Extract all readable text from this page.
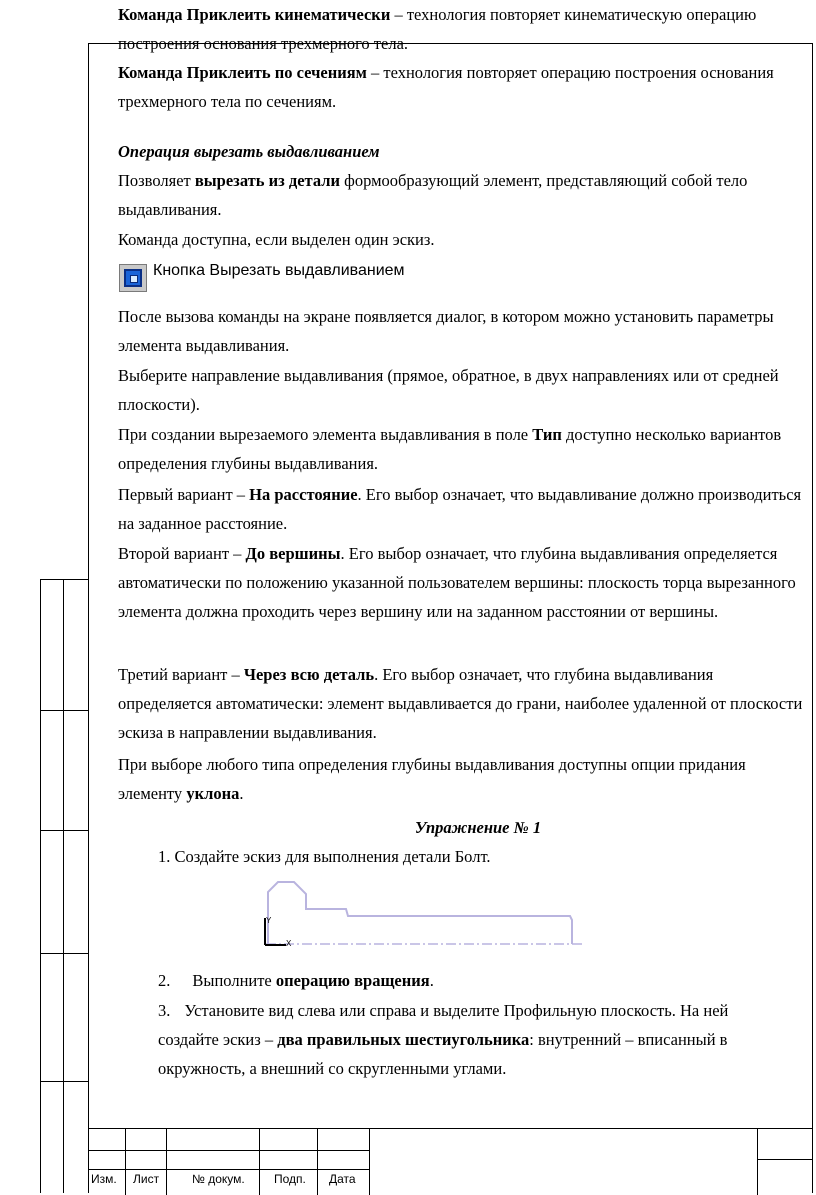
Команда Приклеить кинематически – технология повторяет кинематическую операцию построения основания трехмерного тела.

Команда Приклеить по сечениям – технология повторяет операцию построения основания трехмерного тела по сечениям.

Операция вырезать выдавливанием

Позволяет вырезать из детали формообразующий элемент, представляющий собой тело выдавливания.

Команда доступна, если выделен один эскиз.

Кнопка Вырезать выдавливанием

После вызова команды на экране появляется диалог, в котором можно установить параметры элемента выдавливания.

Выберите направление выдавливания (прямое, обратное, в двух направлениях или от средней плоскости).

При создании вырезаемого элемента выдавливания в поле Тип доступно несколько вариантов определения глубины выдавливания.

Первый вариант – На расстояние. Его выбор означает, что выдавливание должно производиться на заданное расстояние.

Второй вариант – До вершины. Его выбор означает, что глубина выдавливания определяется автоматически по положению указанной пользователем вершины: плоскость торца вырезанного элемента должна проходить через вершину или на заданном расстоянии от вершины.

Третий вариант – Через всю деталь. Его выбор означает, что глубина выдавливания определяется автоматически: элемент выдавливается до грани, наиболее удаленной от плоскости эскиза в направлении выдавливания.

При выборе любого типа определения глубины выдавливания доступны опции придания элементу уклона.

Упражнение № 1

1. Создайте эскиз для выполнения детали Болт.

Y
X

2. Выполните операцию вращения.

3. Установите вид слева или справа и выделите Профильную плоскость. На ней создайте эскиз – два правильных шестиугольника: внутренний – вписанный в окружность, а внешний со скругленными углами.

Изм. Лист	№ докум. Подп. Дата
